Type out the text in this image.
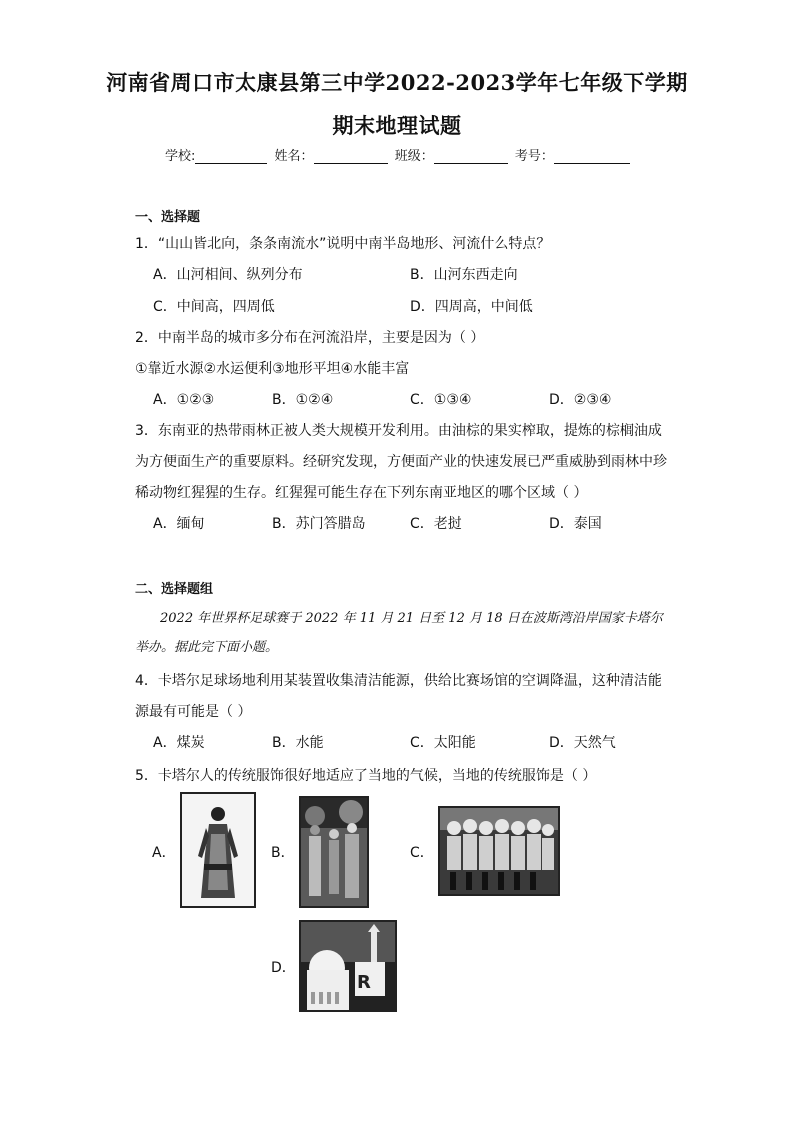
河南省周口市太康县第三中学2022-2023学年七年级下学期
期末地理试题
学校:	姓名：	班级：	考号：
一、选择题
1．“山山皆北向，条条南流水”说明中南半岛地形、河流什么特点？
A．山河相间、纵列分布	B．山河东西走向
C．中间高，四周低	D．四周高，中间低
2．中南半岛的城市多分布在河流沿岸，主要是因为（ ）
①靠近水源②水运便利③地形平坦④水能丰富
A．①②③	B．①②④	C．①③④	D．②③④
3．东南亚的热带雨林正被人类大规模开发利用。由油棕的果实榨取，提炼的棕榈油成
为方便面生产的重要原料。经研究发现，方便面产业的快速发展已严重威胁到雨林中珍
稀动物红猩猩的生存。红猩猩可能生存在下列东南亚地区的哪个区域（ ）
A．缅甸	B．苏门答腊岛	C．老挝	D．泰国
二、选择题组
2022 年世界杯足球赛于 2022 年 11 月 21 日至 12 月 18 日在波斯湾沿岸国家卡塔尔
举办。据此完下面小题。
4．卡塔尔足球场地利用某装置收集清洁能源，供给比赛场馆的空调降温，这种清洁能
源最有可能是（ ）
A．煤炭	B．水能	C．太阳能	D．天然气
5．卡塔尔人的传统服饰很好地适应了当地的气候，当地的传统服饰是（ ）
A．	B．	C．
D．
R
